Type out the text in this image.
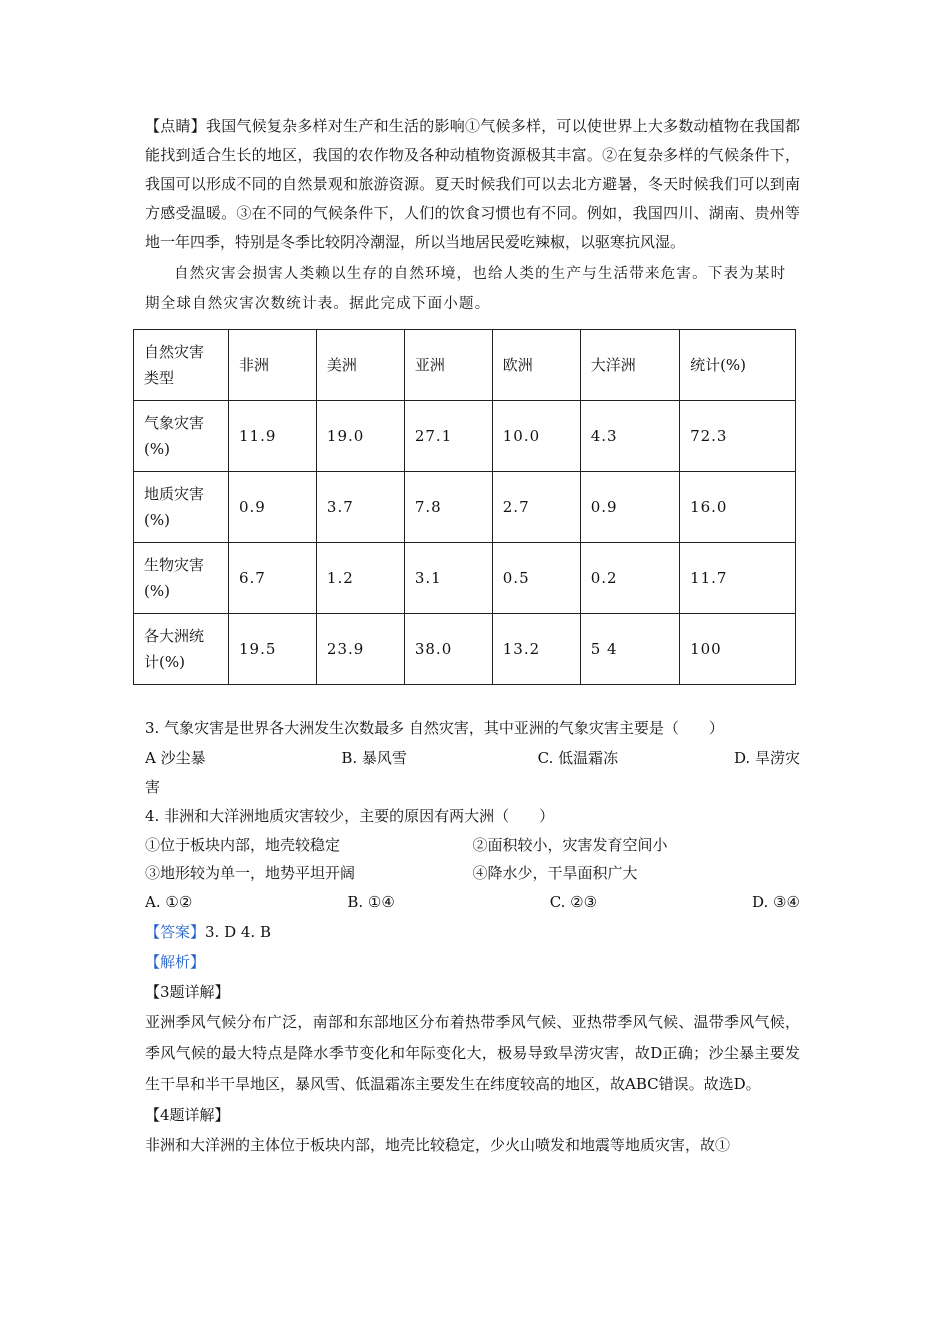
【点睛】我国气候复杂多样对生产和生活的影响①气候多样，可以使世界上大多数动植物在我国都能找到适合生长的地区，我国的农作物及各种动植物资源极其丰富。②在复杂多样的气候条件下，我国可以形成不同的自然景观和旅游资源。夏天时候我们可以去北方避暑，冬天时候我们可以到南方感受温暖。③在不同的气候条件下，人们的饮食习惯也有不同。例如，我国四川、湖南、贵州等地一年四季，特别是冬季比较阴冷潮湿，所以当地居民爱吃辣椒，以驱寒抗风湿。

自然灾害会损害人类赖以生存的自然环境，也给人类的生产与生活带来危害。下表为某时期全球自然灾害次数统计表。据此完成下面小题。

自然灾害类型	非洲	美洲	亚洲	欧洲	大洋洲	统计(%)
气象灾害(%)	11.9	19.0	27.1	10.0	4.3	72.3
地质灾害(%)	0.9	3.7	7.8	2.7	0.9	16.0
生物灾害(%)	6.7	1.2	3.1	0.5	0.2	11.7
各大洲统计(%)	19.5	23.9	38.0	13.2	5 4	100

3. 气象灾害是世界各大洲发生次数最多 自然灾害，其中亚洲的气象灾害主要是（　　）

A 沙尘暴	B. 暴风雪	C. 低温霜冻	D. 旱涝灾

害

4. 非洲和大洋洲地质灾害较少，主要的原因有两大洲（　　）

①位于板块内部，地壳较稳定	②面积较小，灾害发育空间小
③地形较为单一，地势平坦开阔	④降水少，干旱面积广大
A. ①②	B. ①④	C. ②③	D. ③④

【答案】3. D 4. B

【解析】

【3题详解】

亚洲季风气候分布广泛，南部和东部地区分布着热带季风气候、亚热带季风气候、温带季风气候，季风气候的最大特点是降水季节变化和年际变化大，极易导致旱涝灾害，故D正确；沙尘暴主要发生干旱和半干旱地区，暴风雪、低温霜冻主要发生在纬度较高的地区，故ABC错误。故选D。

【4题详解】

非洲和大洋洲的主体位于板块内部，地壳比较稳定，少火山喷发和地震等地质灾害，故①
